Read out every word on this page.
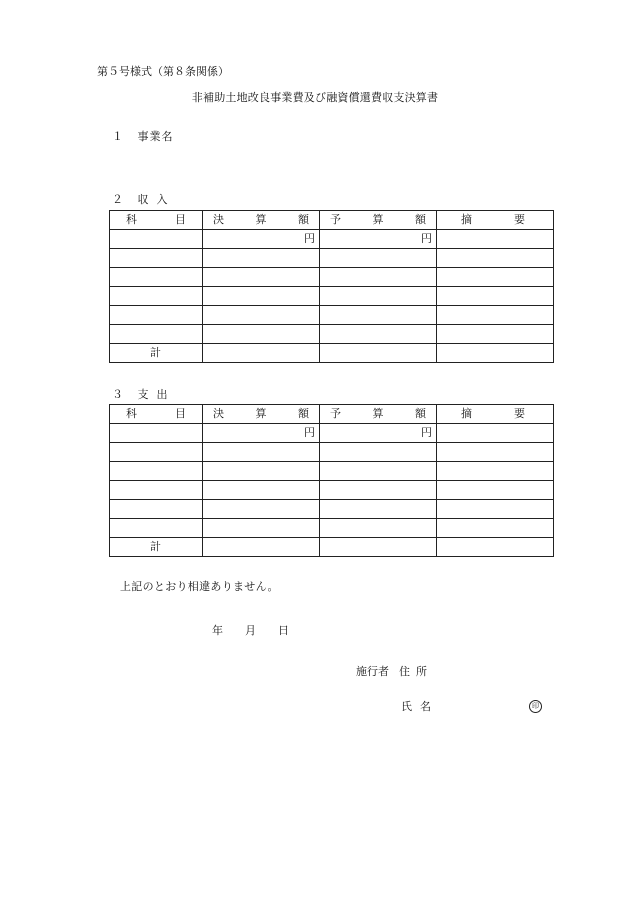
第５号様式（第８条関係）
非補助土地改良事業費及び融資償還費収支決算書
１ 事業名
２ 収入
科目	決算額	予算額	摘要
	円	円	

計			
３ 支出
科目	決算額	予算額	摘要
	円	円	

計			
上記のとおり相違ありません。
年 月 日
施行者 住所
氏名	印
